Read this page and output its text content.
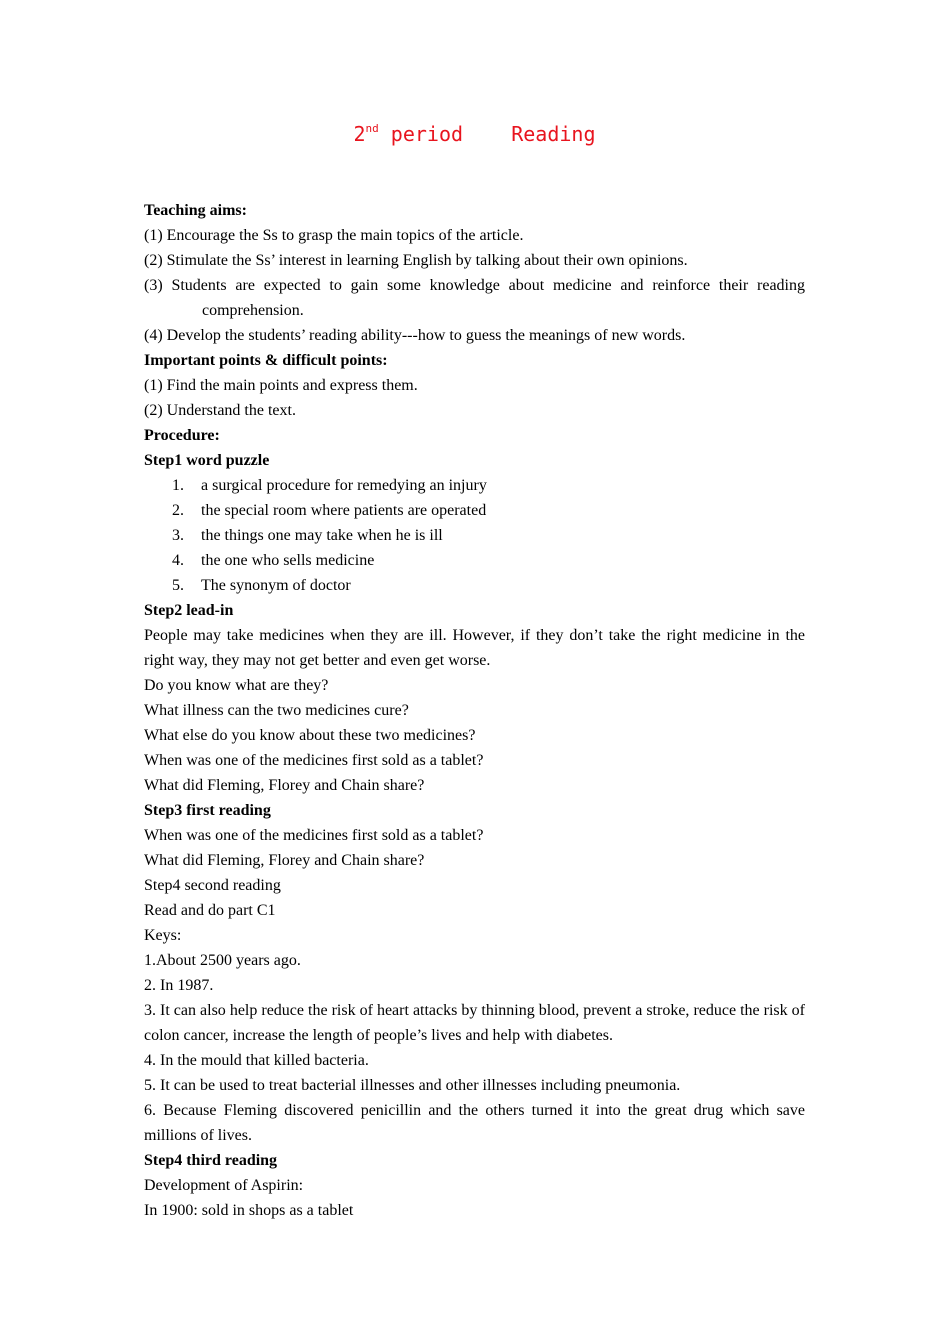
2nd period    Reading
Teaching aims:
(1) Encourage the Ss to grasp the main topics of the article.
(2) Stimulate the Ss’ interest in learning English by talking about their own opinions.
(3) Students are expected to gain some knowledge about medicine and reinforce their reading
comprehension.
(4) Develop the students’ reading ability---how to guess the meanings of new words.
Important points & difficult points:
(1) Find the main points and express them.
(2) Understand the text.
Procedure:
Step1 word puzzle
1. a surgical procedure for remedying an injury
2. the special room where patients are operated
3. the things one may take when he is ill
4. the one who sells medicine
5. The synonym of doctor
Step2 lead-in
People may take medicines when they are ill. However, if they don’t take the right medicine in the right way, they may not get better and even get worse.
Do you know what are they?
What illness can the two medicines cure?
What else do you know about these two medicines?
When was one of the medicines first sold as a tablet?
What did Fleming, Florey and Chain share?
Step3 first reading
When was one of the medicines first sold as a tablet?
What did Fleming, Florey and Chain share?
Step4 second reading
Read and do part C1
Keys:
1.About 2500 years ago.
2. In 1987.
3. It can also help reduce the risk of heart attacks by thinning blood, prevent a stroke, reduce the risk of colon cancer, increase the length of people’s lives and help with diabetes.
4. In the mould that killed bacteria.
5. It can be used to treat bacterial illnesses and other illnesses including pneumonia.
6. Because Fleming discovered penicillin and the others turned it into the great drug which save millions of lives.
Step4 third reading
Development of Aspirin:
In 1900: sold in shops as a tablet
